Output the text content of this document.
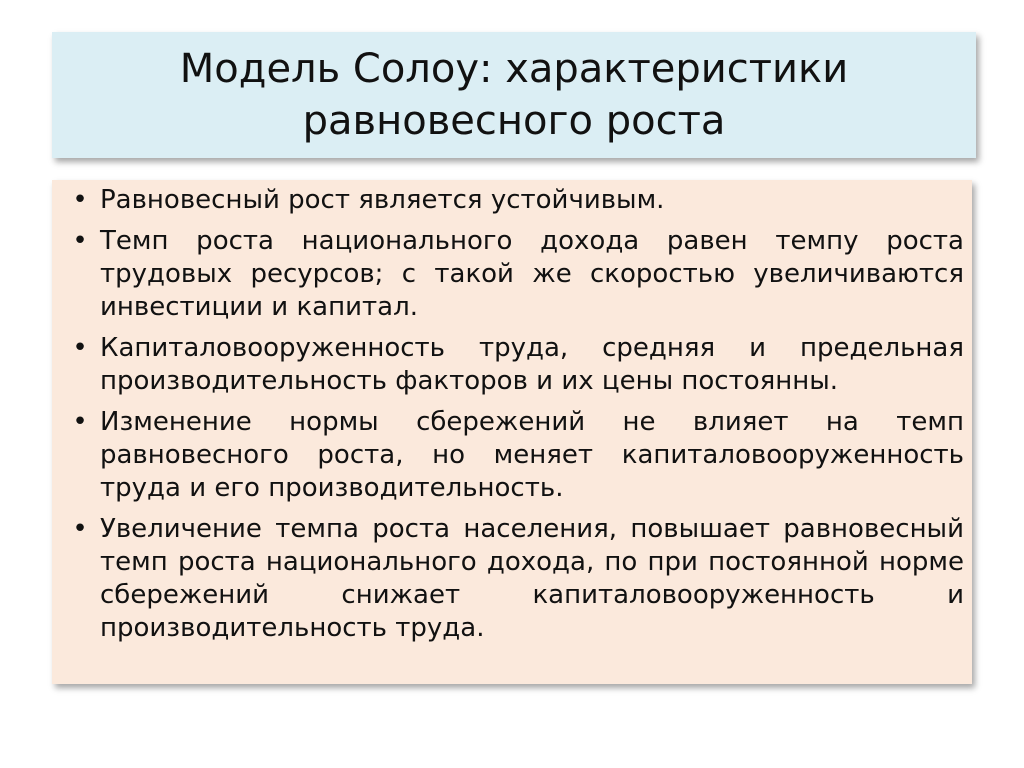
Модель Солоу: характеристики равновесного роста
• Равновесный рост является устойчивым.
• Темп роста национального дохода равен темпу роста трудовых ресурсов; с такой же скоростью увеличиваются инвестиции и капитал.
• Капиталовооруженность труда, средняя и предельная производительность факторов и их цены постоянны.
• Изменение нормы сбережений не влияет на темп равновесного роста, но меняет капиталовооруженность труда и его производительность.
• Увеличение темпа роста населения, повышает равновесный темп роста национального дохода, по при постоянной норме сбережений снижает капиталовооруженность и производительность труда.
